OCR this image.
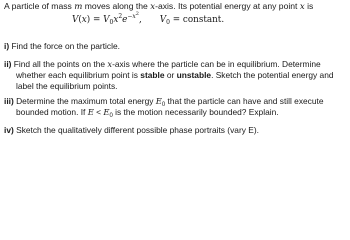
A particle of mass m moves along the x-axis. Its potential energy at any point x is
$V(x) = V_0x^2e^{-x^2}$, $V_0$ = constant.
i) Find the force on the particle.
ii) Find all the points on the x-axis where the particle can be in equilibrium. Determine
whether each equilibrium point is stable or unstable. Sketch the potential energy and
label the equilibrium points.
iii) Determine the maximum total energy $E_0$ that the particle can have and still execute
bounded motion. If $E < E_0$ is the motion necessarily bounded? Explain.
iv) Sketch the qualitatively different possible phase portraits (vary E).
